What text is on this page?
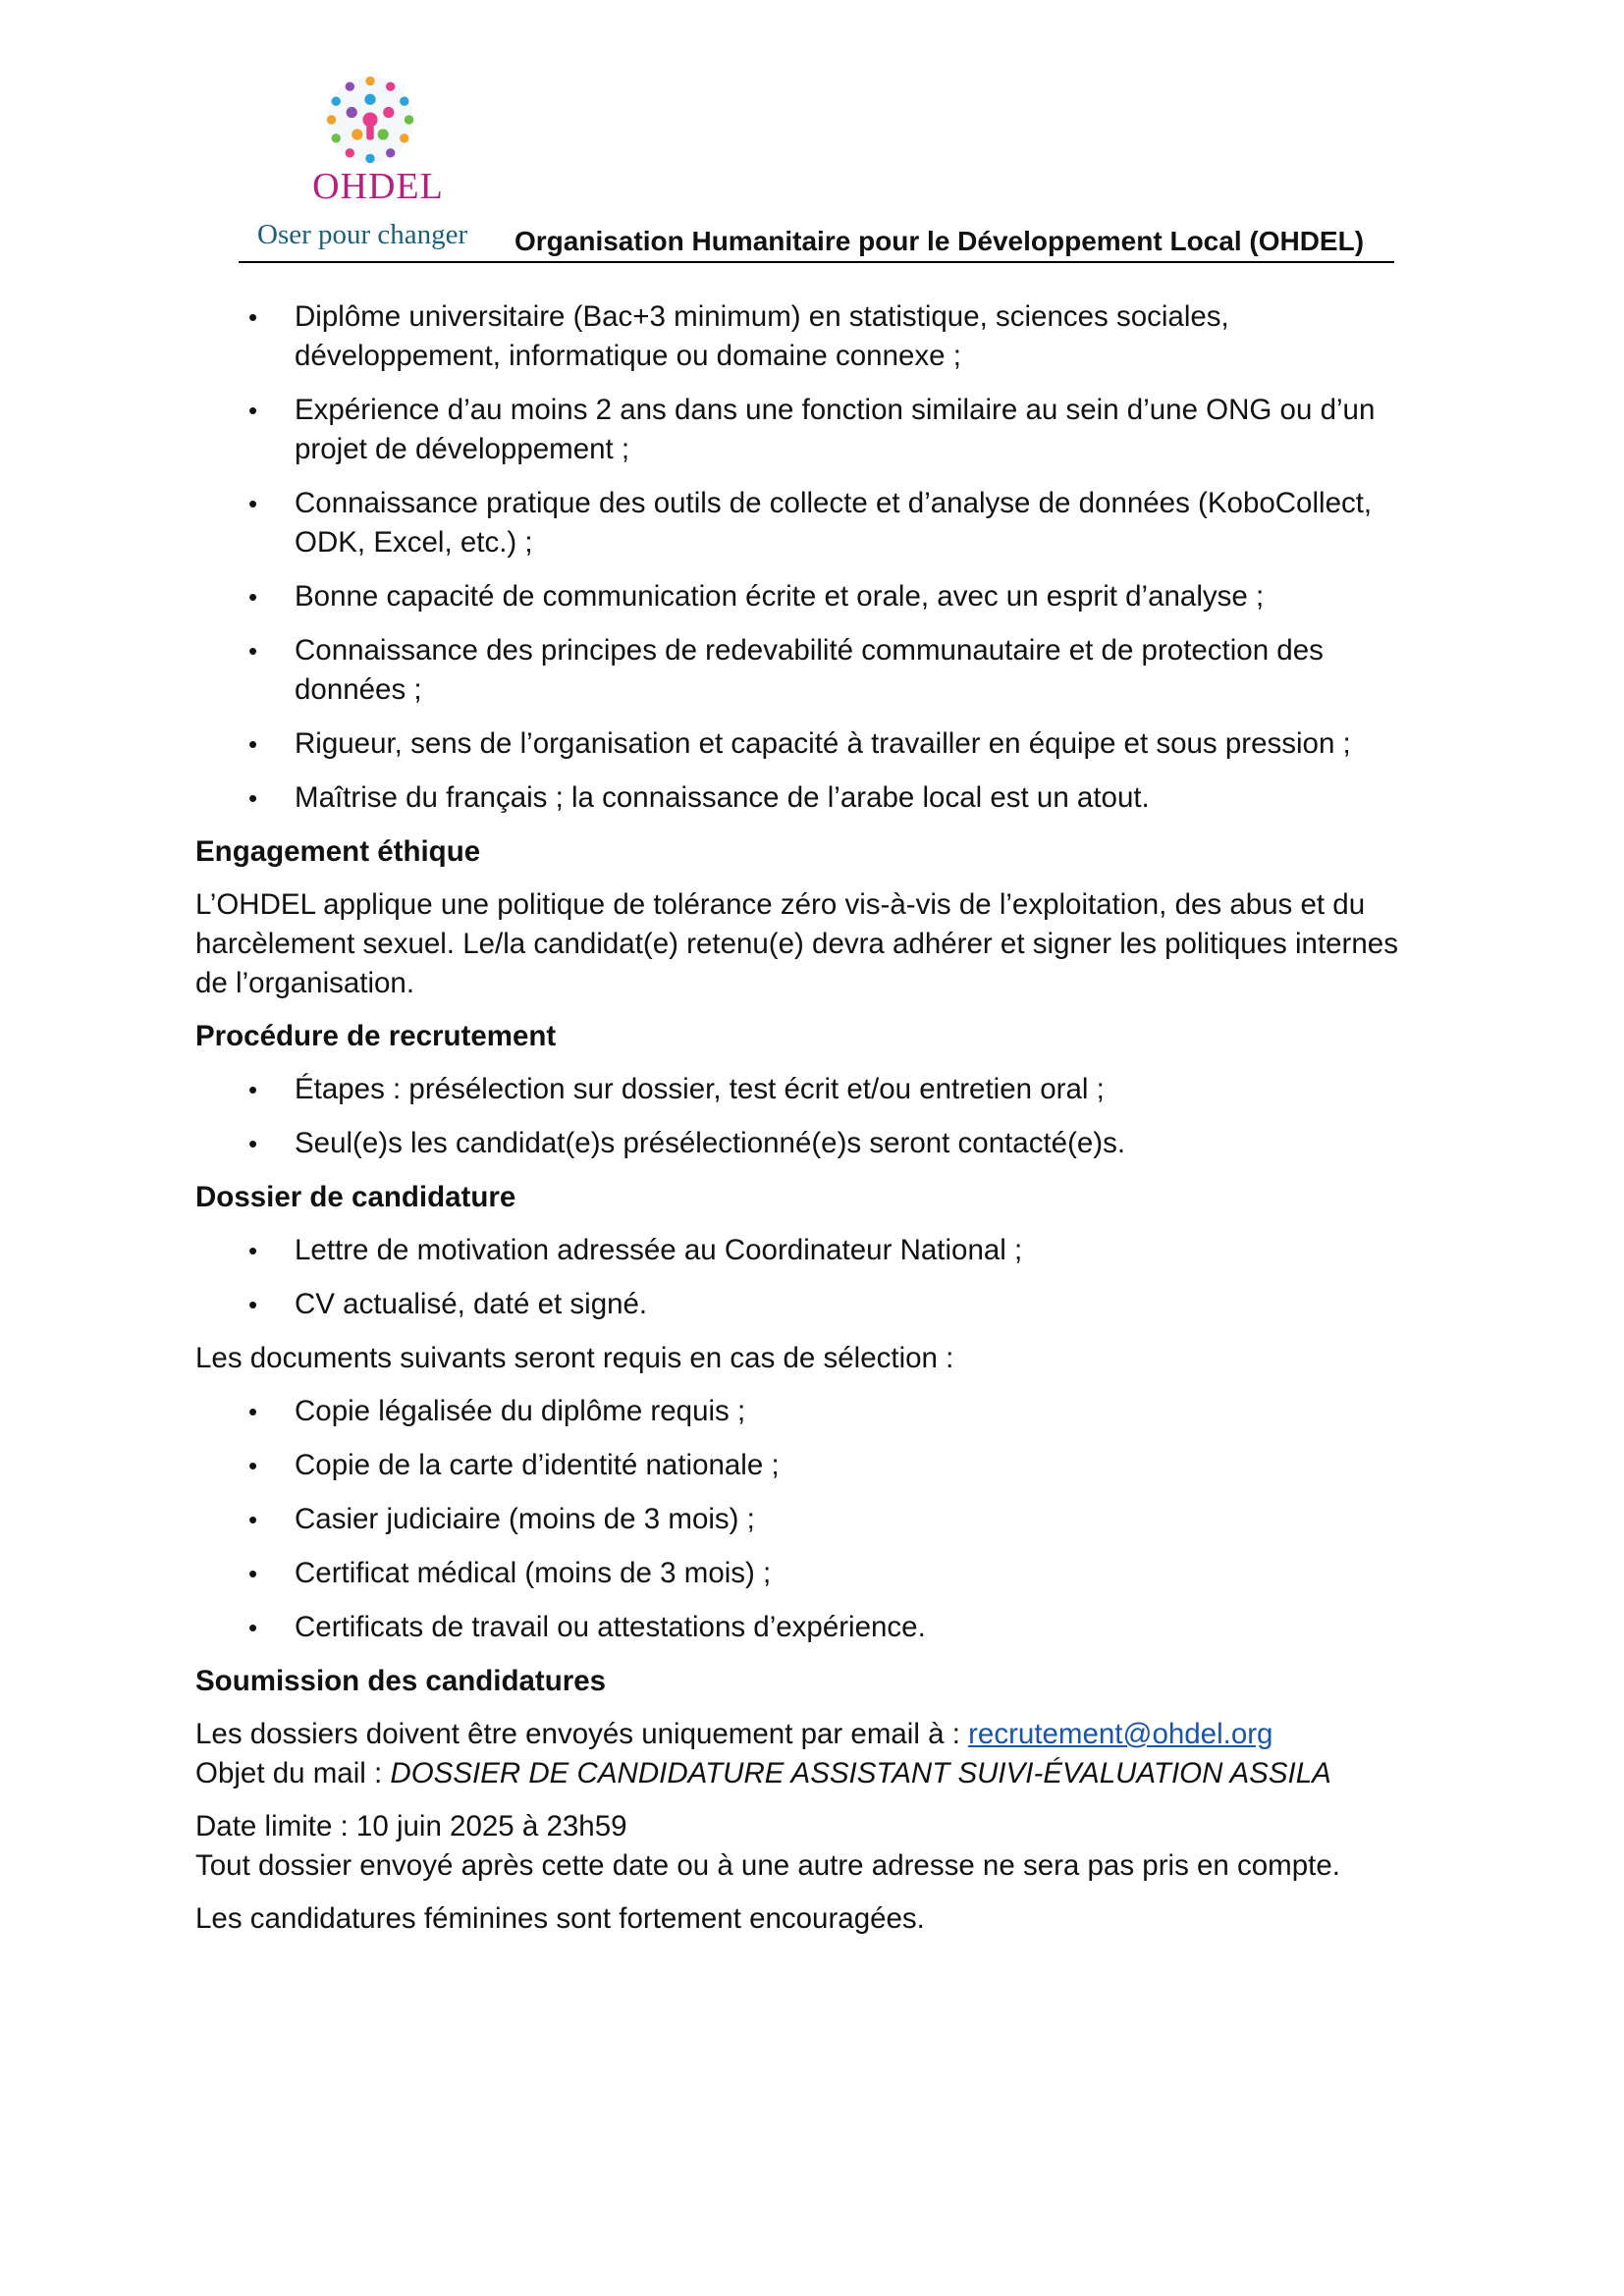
OHDEL
Oser pour changer Organisation Humanitaire pour le Développement Local (OHDEL)
• Diplôme universitaire (Bac+3 minimum) en statistique, sciences sociales, développement, informatique ou domaine connexe ;
• Expérience d’au moins 2 ans dans une fonction similaire au sein d’une ONG ou d’un projet de développement ;
• Connaissance pratique des outils de collecte et d’analyse de données (KoboCollect, ODK, Excel, etc.) ;
• Bonne capacité de communication écrite et orale, avec un esprit d’analyse ;
• Connaissance des principes de redevabilité communautaire et de protection des données ;
• Rigueur, sens de l’organisation et capacité à travailler en équipe et sous pression ;
• Maîtrise du français ; la connaissance de l’arabe local est un atout.
Engagement éthique

L’OHDEL applique une politique de tolérance zéro vis-à-vis de l’exploitation, des abus et du harcèlement sexuel. Le/la candidat(e) retenu(e) devra adhérer et signer les politiques internes de l’organisation.

Procédure de recrutement
• Étapes : présélection sur dossier, test écrit et/ou entretien oral ;
• Seul(e)s les candidat(e)s présélectionné(e)s seront contacté(e)s.
Dossier de candidature
• Lettre de motivation adressée au Coordinateur National ;
• CV actualisé, daté et signé.

Les documents suivants seront requis en cas de sélection :

• Copie légalisée du diplôme requis ;
• Copie de la carte d’identité nationale ;
• Casier judiciaire (moins de 3 mois) ;
• Certificat médical (moins de 3 mois) ;
• Certificats de travail ou attestations d’expérience.
Soumission des candidatures

Les dossiers doivent être envoyés uniquement par email à : recrutement@ohdel.org
Objet du mail : DOSSIER DE CANDIDATURE ASSISTANT SUIVI-ÉVALUATION ASSILA

Date limite : 10 juin 2025 à 23h59
Tout dossier envoyé après cette date ou à une autre adresse ne sera pas pris en compte.

Les candidatures féminines sont fortement encouragées.
